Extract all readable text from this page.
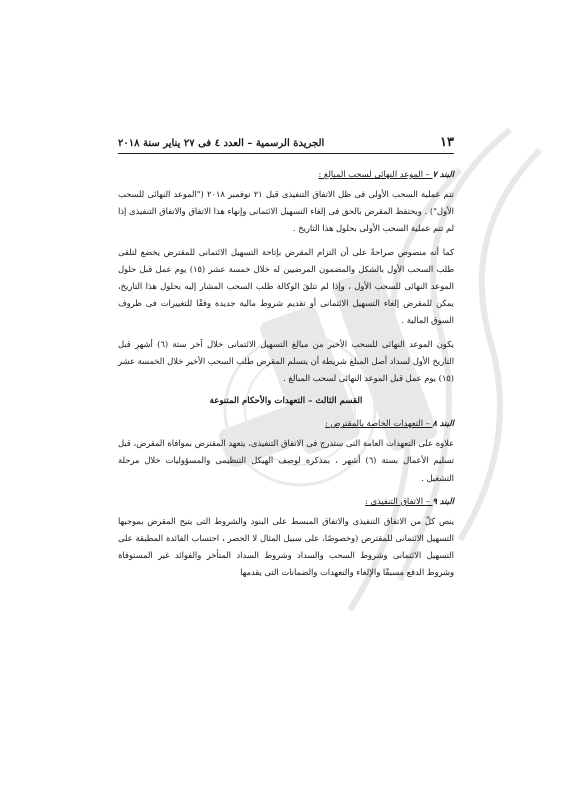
١٣
الجريدة الرسمية – العدد ٤ فى ٢٧ يناير سنة ٢٠١٨
البند ٧ – الموعد النهائى لسحب المبالغ :

تتم عملية السحب الأولى فى ظل الاتفاق التنفيذى قبل ٢١ نوفمبر ٢٠١٨ ("الموعد النهائى للسحب الأول") . ويحتفظ المقرض بالحق فى إلغاء التسهيل الائتمانى وإنهاء هذا الاتفاق والاتفاق التنفيذى إذا لم تتم عملية السحب الأولى بحلول هذا التاريخ .

كما أنه منصوص صراحةً على أن التزام المقرض بإتاحة التسهيل الائتمانى للمقترض يخضع لتلقى طلب السحب الأول بالشكل والمضمون المرضيين له خلال خمسة عشر (١٥) يوم عمل قبل حلول الموعد النهائى للسحب الأول ، وإذا لم تتلقَ الوكالة طلب السحب المشار إليه بحلول هذا التاريخ، يمكن للمقرض إلغاء التسهيل الائتمانى أو تقديم شروط مالية جديدة وفقًا للتغييرات فى ظروف السوق المالية .

يكون الموعد النهائى للسحب الأخير من مبالغ التسهيل الائتمانى خلال آخر ستة (٦) أشهر قبل التاريخ الأول لسداد أصل المبلغ شريطة أن يتسلم المقرض طلب السحب الأخير خلال الخمسة عشر (١٥) يوم عمل قبل الموعد النهائى لسحب المبالغ .

القسم الثالث – التعهدات والأحكام المتنوعة
البند ٨ – التعهدات الخاصة بالمقترض :

علاوة على التعهدات العامة التى ستدرج فى الاتفاق التنفيذى، يتعهد المقترض بموافاة المقرض، قبل تسليم الأعمال بستة (٦) أشهر ، بمذكرة لوصف الهيكل التنظيمى والمسؤوليات خلال مرحلة التشغيل .

البند ٩ – الاتفاق التنفيذى :

ينص كلٌ من الاتفاق التنفيذى والاتفاق المبسط على البنود والشروط التى يتيح المقرض بموجبها التسهيل الائتمانى للمقترض (وخصوصًا، على سبيل المثال لا الحصر ، احتساب الفائدة المطبقة على التسهيل الائتمانى وشروط السحب والسداد وشروط السداد المتأخر والفوائد غير المستوفاة وشروط الدفع مسبقًا والإلغاء والتعهدات والضمانات التى يقدمها
